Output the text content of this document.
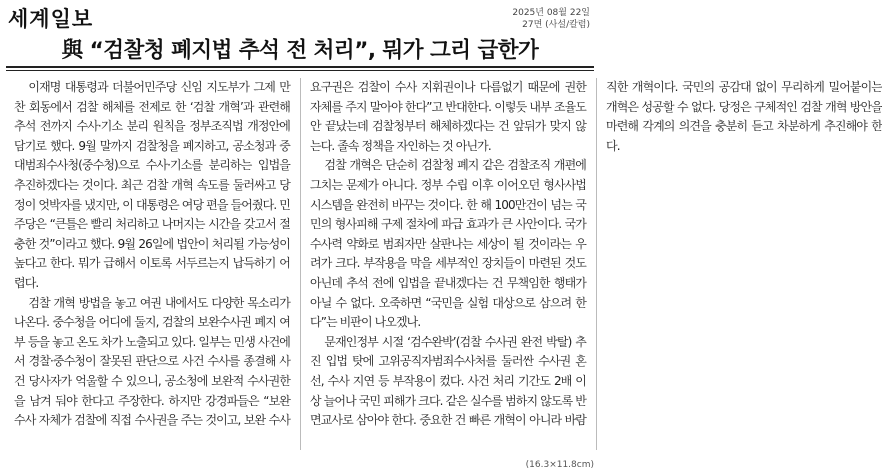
세계일보	2025년 08월 22일
27면 (사설/칼럼)
與 “검찰청 폐지법 추석 전 처리”, 뭐가 그리 급한가

이재명 대통령과 더불어민주당 신임 지도부가 그제 만찬 회동에서 검찰 해체를 전제로 한 ‘검찰 개혁’과 관련해 추석 전까지 수사·기소 분리 원칙을 정부조직법 개정안에 담기로 했다. 9월 말까지 검찰청을 폐지하고, 공소청과 중대범죄수사청(중수청)으로 수사·기소를 분리하는 입법을 추진하겠다는 것이다. 최근 검찰 개혁 속도를 둘러싸고 당정이 엇박자를 냈지만, 이 대통령은 여당 편을 들어줬다. 민주당은 “큰틀은 빨리 처리하고 나머지는 시간을 갖고서 절충한 것”이라고 했다. 9월 26일에 법안이 처리될 가능성이 높다고 한다. 뭐가 급해서 이토록 서두르는지 납득하기 어렵다.

검찰 개혁 방법을 놓고 여권 내에서도 다양한 목소리가 나온다. 중수청을 어디에 둘지, 검찰의 보완수사권 폐지 여부 등을 놓고 온도 차가 노출되고 있다. 일부는 민생 사건에서 경찰·중수청이 잘못된 판단으로 사건 수사를 종결해 사건 당사자가 억울할 수 있으니, 공소청에 보완적 수사권한을 남겨 둬야 한다고 주장한다. 하지만 강경파들은 “보완 수사 자체가 검찰에 직접 수사권을 주는 것이고, 보완 수사 요구권은 검찰이 수사 지휘권이나 다름없기 때문에 권한 자체를 주지 말아야 한다”고 반대한다. 이렇듯 내부 조율도 안 끝났는데 검찰청부터 해체하겠다는 건 앞뒤가 맞지 않는다. 졸속 정책을 자인하는 것 아닌가.

검찰 개혁은 단순히 검찰청 폐지 같은 검찰조직 개편에 그치는 문제가 아니다. 정부 수립 이후 이어오던 형사사법 시스템을 완전히 바꾸는 것이다. 한 해 100만건이 넘는 국민의 형사피해 구제 절차에 파급 효과가 큰 사안이다. 국가 수사력 약화로 범죄자만 살판나는 세상이 될 것이라는 우려가 크다. 부작용을 막을 세부적인 장치들이 마련된 것도 아닌데 추석 전에 입법을 끝내겠다는 건 무책임한 행태가 아닐 수 없다. 오죽하면 “국민을 실험 대상으로 삼으려 한다”는 비판이 나오겠나.

문재인정부 시절 ‘검수완박’(검찰 수사권 완전 박탈) 추진 입법 탓에 고위공직자범죄수사처를 둘러싼 수사권 혼선, 수사 지연 등 부작용이 컸다. 사건 처리 기간도 2배 이상 늘어나 국민 피해가 크다. 같은 실수를 범하지 않도록 반면교사로 삼아야 한다. 중요한 건 빠른 개혁이 아니라 바람직한 개혁이다. 국민의 공감대 없이 무리하게 밀어붙이는 개혁은 성공할 수 없다. 당정은 구체적인 검찰 개혁 방안을 마련해 각계의 의견을 충분히 듣고 차분하게 추진해야 한다.

(16.3×11.8cm)
